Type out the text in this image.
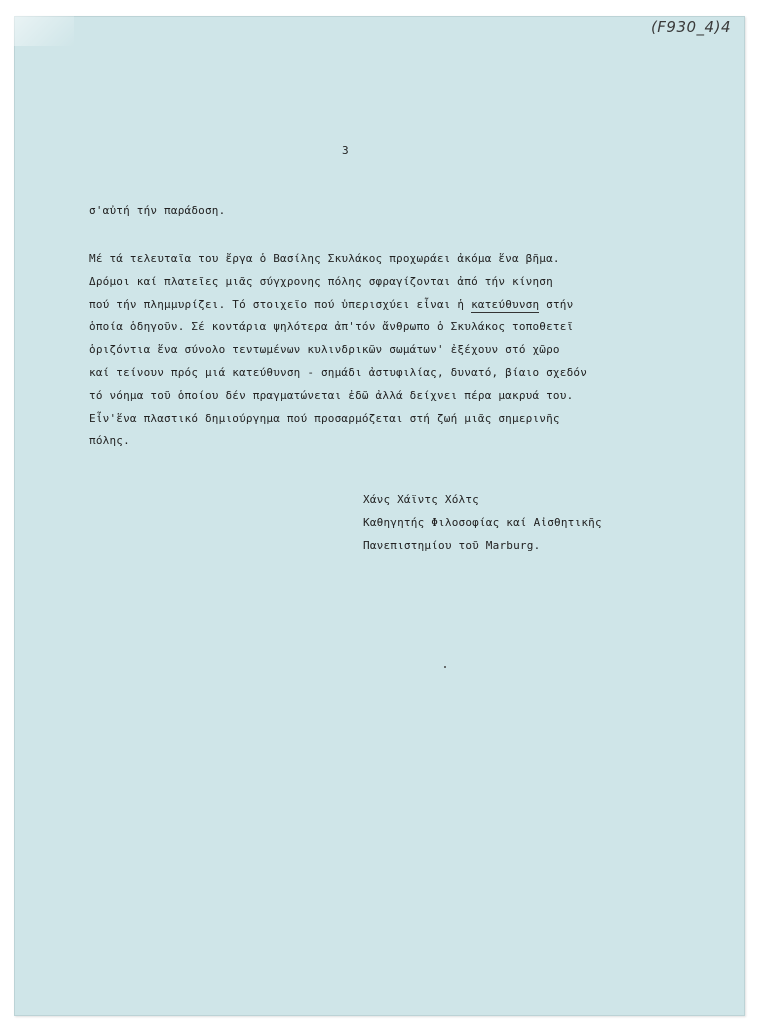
(F930_4)4
3
σ'αὐτή τήν παράδοση.
Μέ τά τελευταῖα του ἔργα ὁ Βασίλης Σκυλάκος προχωράει ἀκόμα ἕνα βῆμα.
Δρόμοι καί πλατεῖες μιᾶς σύγχρονης πόλης σφραγίζονται ἀπό τήν κίνηση
πού τήν πλημμυρίζει. Τό στοιχεῖο πού ὑπερισχύει εἶναι ἡ κατεύθυνση στήν
ὁποία ὁδηγοῦν. Σέ κοντάρια ψηλότερα ἀπ'τόν ἄνθρωπο ὁ Σκυλάκος τοποθετεῖ
ὁριζόντια ἕνα σύνολο τεντωμένων κυλινδρικῶν σωμάτων' ἐξέχουν στό χῶρο
καί τείνουν πρός μιά κατεύθυνση - σημάδι ἀστυφιλίας, δυνατό, βίαιο σχεδόν
τό νόημα τοῦ ὁποίου δέν πραγματώνεται ἐδῶ ἀλλά δείχνει πέρα μακρυά του.
Εἶν'ἕνα πλαστικό δημιούργημα πού προσαρμόζεται στή ζωή μιᾶς σημερινῆς
πόλης.
Χάνς Χάϊντς Χόλτς
Καθηγητής Φιλοσοφίας καί Αἰσθητικῆς
Πανεπιστημίου τοῦ Marburg.
